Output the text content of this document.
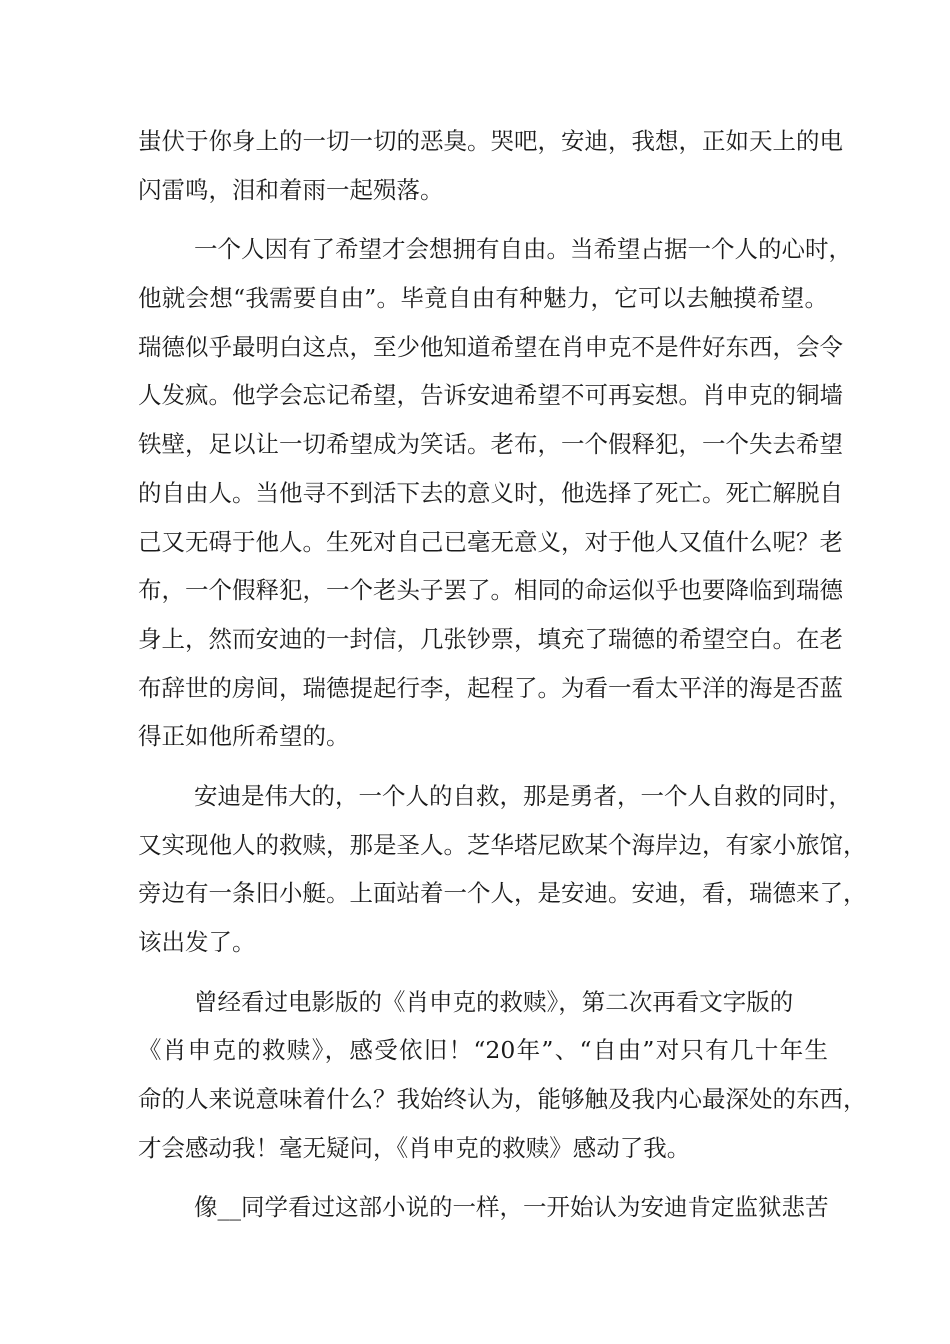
蚩伏于你身上的一切一切的恶臭。哭吧，安迪，我想，正如天上的电
闪雷鸣，泪和着雨一起殒落。
一个人因有了希望才会想拥有自由。当希望占据一个人的心时，
他就会想“我需要自由”。毕竟自由有种魅力，它可以去触摸希望。
瑞德似乎最明白这点，至少他知道希望在肖申克不是件好东西，会令
人发疯。他学会忘记希望，告诉安迪希望不可再妄想。肖申克的铜墙
铁壁，足以让一切希望成为笑话。老布，一个假释犯，一个失去希望
的自由人。当他寻不到活下去的意义时，他选择了死亡。死亡解脱自
己又无碍于他人。生死对自己已毫无意义，对于他人又值什么呢？老
布，一个假释犯，一个老头子罢了。相同的命运似乎也要降临到瑞德
身上，然而安迪的一封信，几张钞票，填充了瑞德的希望空白。在老
布辞世的房间，瑞德提起行李，起程了。为看一看太平洋的海是否蓝
得正如他所希望的。
安迪是伟大的，一个人的自救，那是勇者，一个人自救的同时，
又实现他人的救赎，那是圣人。芝华塔尼欧某个海岸边，有家小旅馆，
旁边有一条旧小艇。上面站着一个人，是安迪。安迪，看，瑞德来了，
该出发了。
曾经看过电影版的《肖申克的救赎》，第二次再看文字版的
《肖申克的救赎》，感受依旧！“20年”、“自由”对只有几十年生
命的人来说意味着什么？我始终认为，能够触及我内心最深处的东西，
才会感动我！毫无疑问，《肖申克的救赎》感动了我。
像__同学看过这部小说的一样，一开始认为安迪肯定监狱悲苦
